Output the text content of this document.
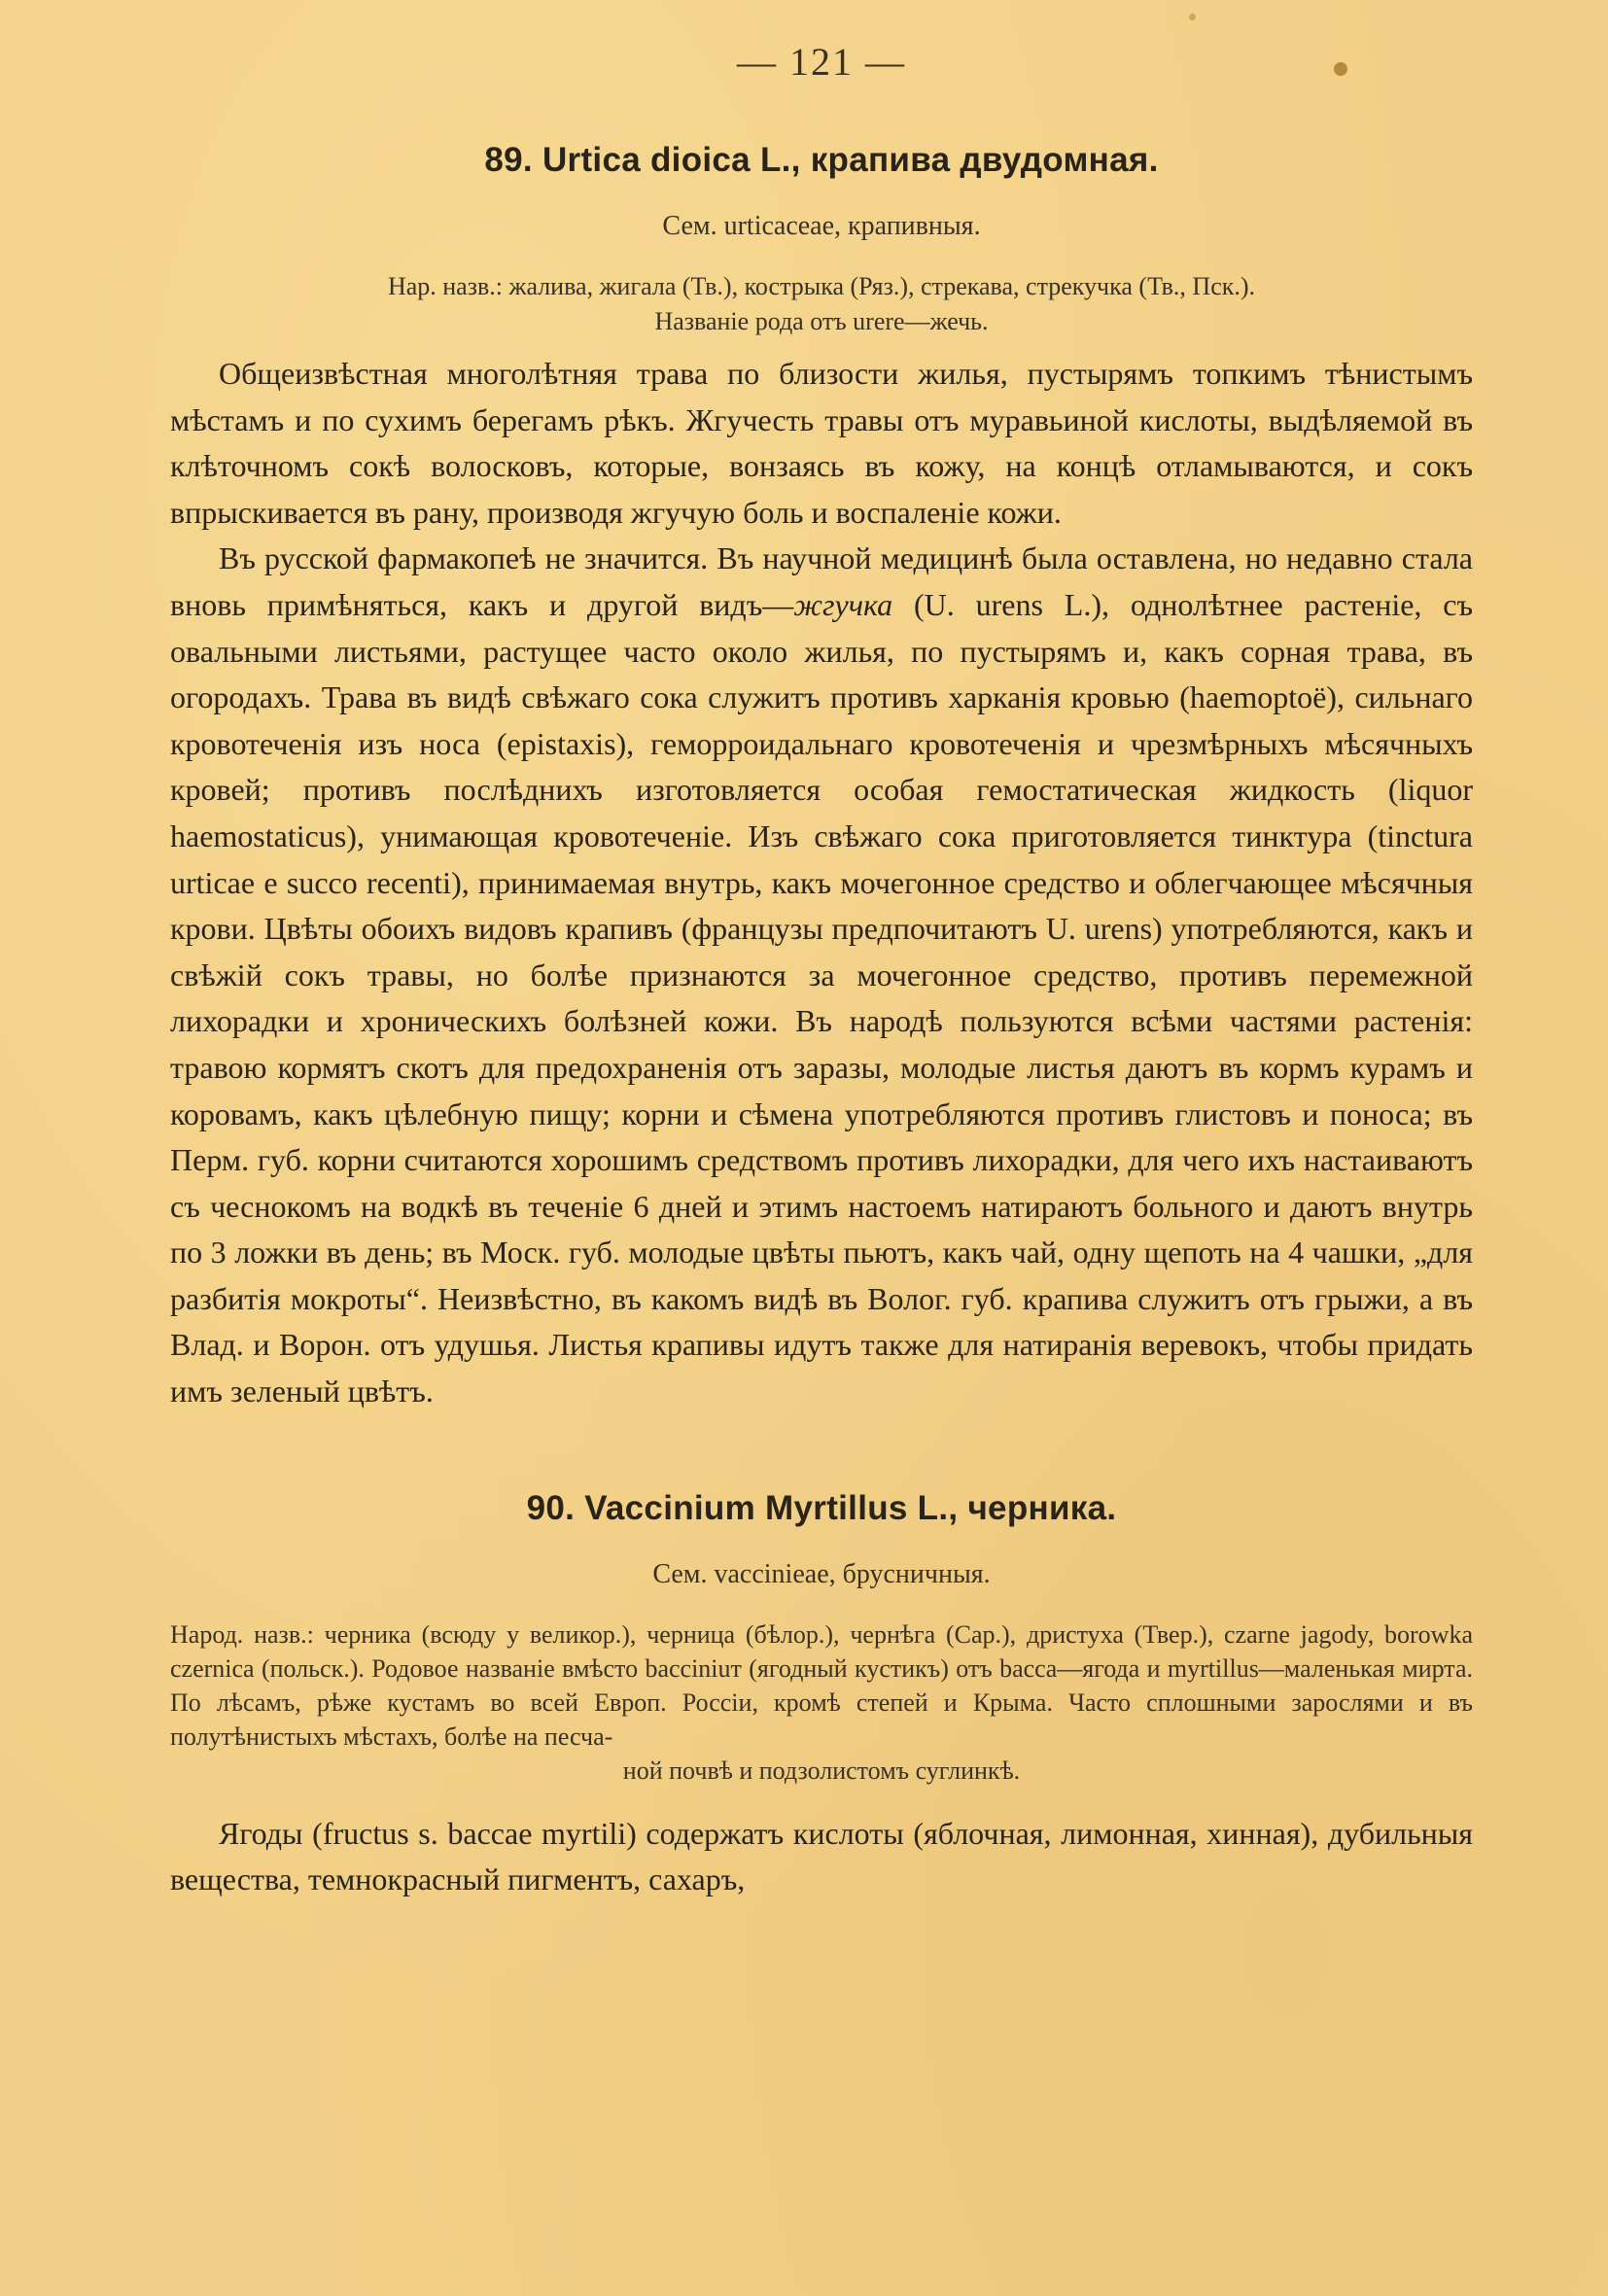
— 121 —
89. Urtica dioica L., крапива двудомная.
Сем. urticaceae, крапивныя.
Нар. назв.: жалива, жигала (Тв.), кострыка (Ряз.), стрекава, стрекучка (Тв., Пск.).
Названіе рода отъ urere—жечь.

Общеизвѣстная многолѣтняя трава по близости жилья, пустырямъ топкимъ тѣнистымъ мѣстамъ и по сухимъ берегамъ рѣкъ. Жгучесть травы отъ муравьиной кислоты, выдѣляемой въ клѣточномъ сокѣ волосковъ, которые, вонзаясь въ кожу, на концѣ отламываются, и сокъ впрыскивается въ рану, производя жгучую боль и воспаленіе кожи.

Въ русской фармакопеѣ не значится. Въ научной медицинѣ была оставлена, но недавно стала вновь примѣняться, какъ и другой видъ—жгучка (U. urens L.), однолѣтнее растеніе, съ овальными листьями, растущее часто около жилья, по пустырямъ и, какъ сорная трава, въ огородахъ. Трава въ видѣ свѣжаго сока служитъ противъ харканія кровью (haemoptoë), сильнаго кровотеченія изъ носа (epistaxis), геморроидальнаго кровотеченія и чрезмѣрныхъ мѣсячныхъ кровей; противъ послѣднихъ изготовляется особая гемостатическая жидкость (liquor haemostaticus), унимающая кровотеченіе. Изъ свѣжаго сока приготовляется тинктура (tinctura urticae e succo recenti), принимаемая внутрь, какъ мочегонное средство и облегчающее мѣсячныя крови. Цвѣты обоихъ видовъ крапивъ (французы предпочитаютъ U. urens) употребляются, какъ и свѣжій сокъ травы, но болѣе признаются за мочегонное средство, противъ перемежной лихорадки и хроническихъ болѣзней кожи. Въ народѣ пользуются всѣми частями растенія: травою кормятъ скотъ для предохраненія отъ заразы, молодые листья даютъ въ кормъ курамъ и коровамъ, какъ цѣлебную пищу; корни и сѣмена употребляются противъ глистовъ и поноса; въ Перм. губ. корни считаются хорошимъ средствомъ противъ лихорадки, для чего ихъ настаиваютъ съ чеснокомъ на водкѣ въ теченіе 6 дней и этимъ настоемъ натираютъ больного и даютъ внутрь по 3 ложки въ день; въ Моск. губ. молодые цвѣты пьютъ, какъ чай, одну щепоть на 4 чашки, „для разбитія мокроты“. Неизвѣстно, въ какомъ видѣ въ Волог. губ. крапива служитъ отъ грыжи, а въ Влад. и Ворон. отъ удушья. Листья крапивы идутъ также для натиранія веревокъ, чтобы придать имъ зеленый цвѣтъ.

90. Vaccinium Myrtillus L., черника.
Сем. vaccinieae, брусничныя.
Народ. назв.: черника (всюду у великор.), черница (бѣлор.), чернѣга (Сар.), дристуха (Твер.), czarne jagody, borowka czernica (польск.). Родовое названіе вмѣсто bacciniuт (ягодный кустикъ) отъ bacca—ягода и myrtillus—маленькая мирта. По лѣсамъ, рѣже кустамъ во всей Европ. Россіи, кромѣ степей и Крыма. Часто сплошными зарослями и въ полутѣнистыхъ мѣстахъ, болѣе на песча-
ной почвѣ и подзолистомъ суглинкѣ.

Ягоды (fructus s. baccae myrtili) содержатъ кислоты (яблочная, лимонная, хинная), дубильныя вещества, темнокрасный пигментъ, сахаръ,
